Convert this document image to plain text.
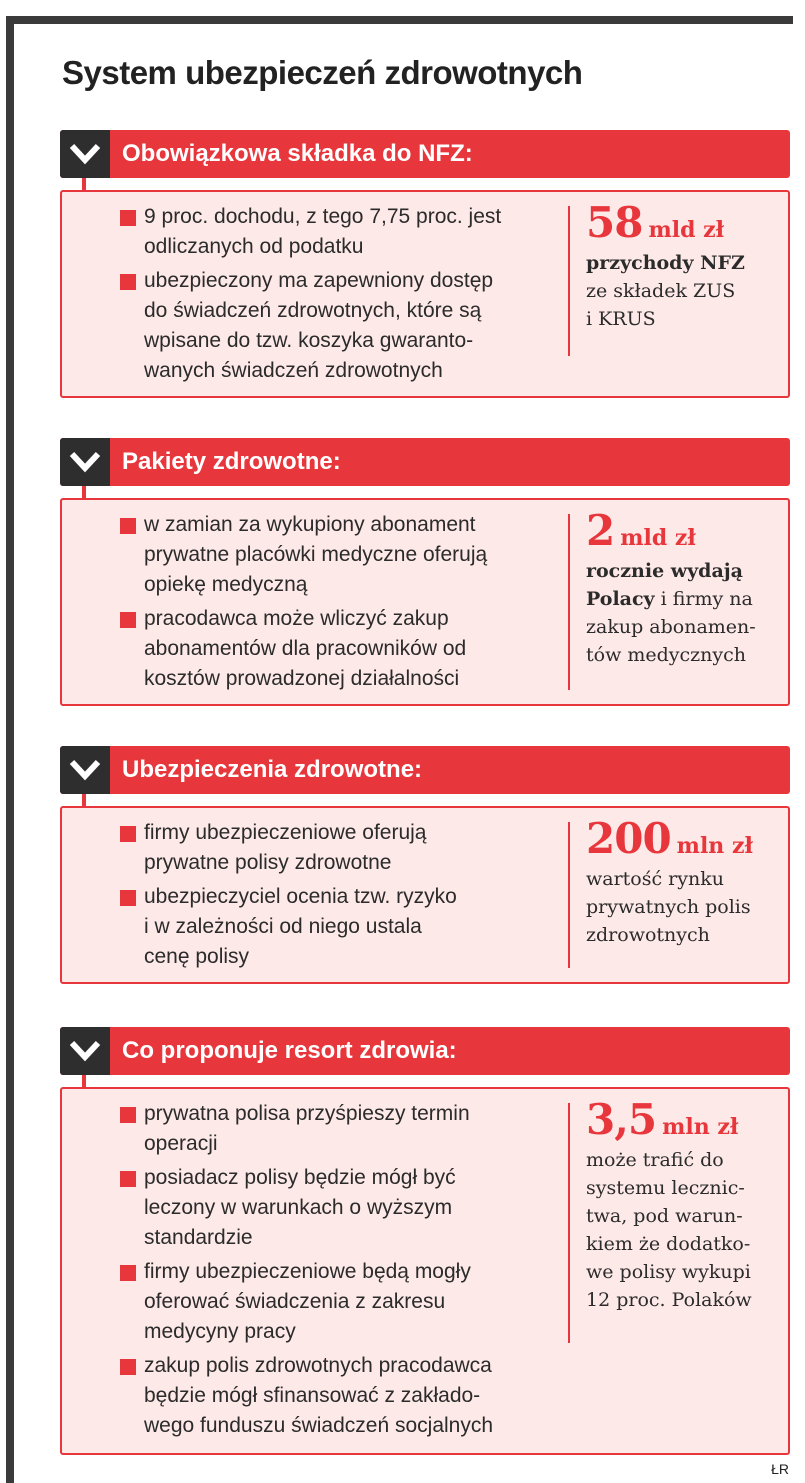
System ubezpieczeń zdrowotnych
Obowiązkowa składka do NFZ:
9 proc. dochodu, z tego 7,75 proc. jest
odliczanych od podatku
ubezpieczony ma zapewniony dostęp
do świadczeń zdrowotnych, które są
wpisane do tzw. koszyka gwaranto-
wanych świadczeń zdrowotnych
58 mld zł
przychody NFZ
ze składek ZUS
i KRUS
Pakiety zdrowotne:
w zamian za wykupiony abonament
prywatne placówki medyczne oferują
opiekę medyczną
pracodawca może wliczyć zakup
abonamentów dla pracowników od
kosztów prowadzonej działalności
2 mld zł
rocznie wydają
Polacy i firmy na
zakup abonamen-
tów medycznych
Ubezpieczenia zdrowotne:
firmy ubezpieczeniowe oferują
prywatne polisy zdrowotne
ubezpieczyciel ocenia tzw. ryzyko
i w zależności od niego ustala
cenę polisy
200 mln zł
wartość rynku
prywatnych polis
zdrowotnych
Co proponuje resort zdrowia:
prywatna polisa przyśpieszy termin
operacji
posiadacz polisy będzie mógł być
leczony w warunkach o wyższym
standardzie
firmy ubezpieczeniowe będą mogły
oferować świadczenia z zakresu
medycyny pracy
zakup polis zdrowotnych pracodawca
będzie mógł sfinansować z zakłado-
wego funduszu świadczeń socjalnych
3,5 mln zł
może trafić do
systemu lecznic-
twa, pod warun-
kiem że dodatko-
we polisy wykupi
12 proc. Polaków
ŁR
